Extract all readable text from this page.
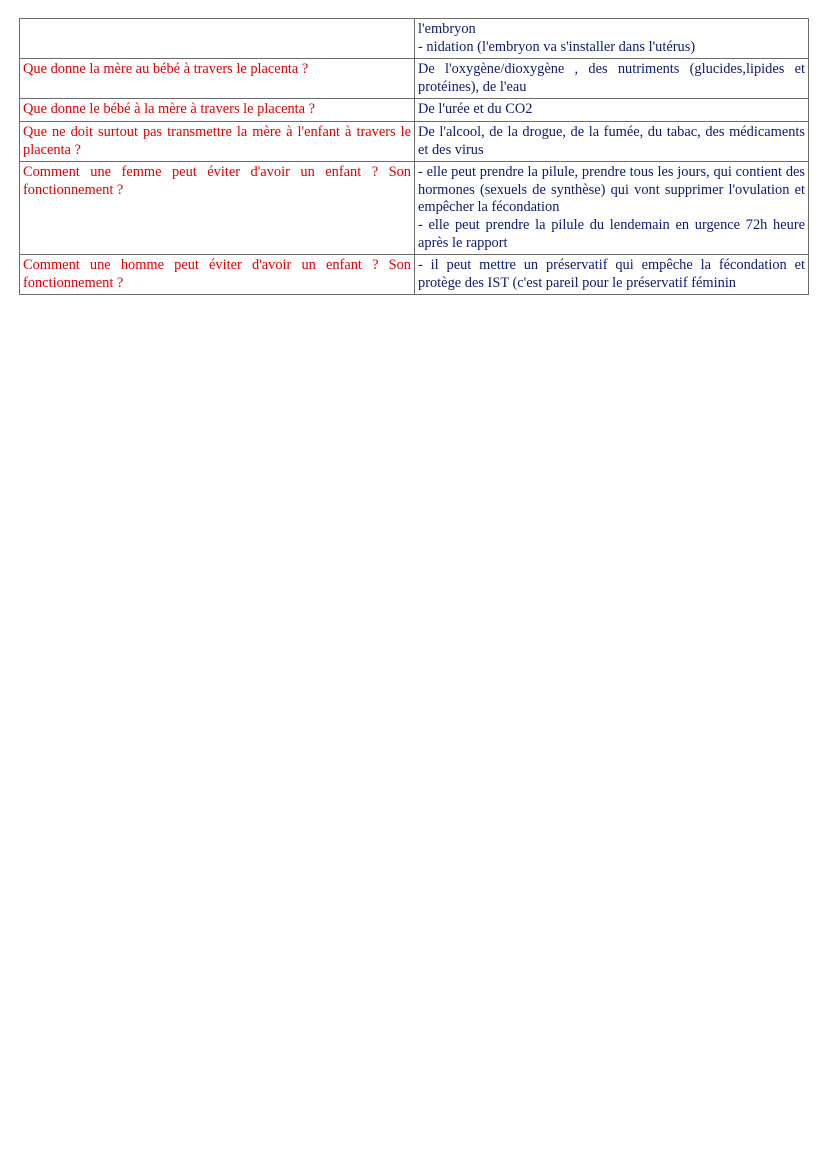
	l'embryon
- nidation (l'embryon va s'installer dans l'utérus)

Que donne la mère au bébé à travers le placenta ?	De l'oxygène/dioxygène , des nutriments (glucides,lipides et protéines), de l'eau

Que donne le bébé à la mère à travers le placenta ?	De l'urée et du CO2

Que ne doit surtout pas transmettre la mère à l'enfant à travers le placenta ?	De l'alcool, de la drogue, de la fumée, du tabac, des médicaments et des virus

Comment une femme peut éviter d'avoir un enfant ? Son fonctionnement ?	- elle peut prendre la pilule, prendre tous les jours, qui contient des hormones (sexuels de synthèse) qui vont supprimer l'ovulation et empêcher la fécondation
- elle peut prendre la pilule du lendemain en urgence 72h heure après le rapport

Comment une homme peut éviter d'avoir un enfant ? Son fonctionnement ?	- il peut mettre un préservatif qui empêche la fécondation et protège des IST (c'est pareil pour le préservatif féminin
